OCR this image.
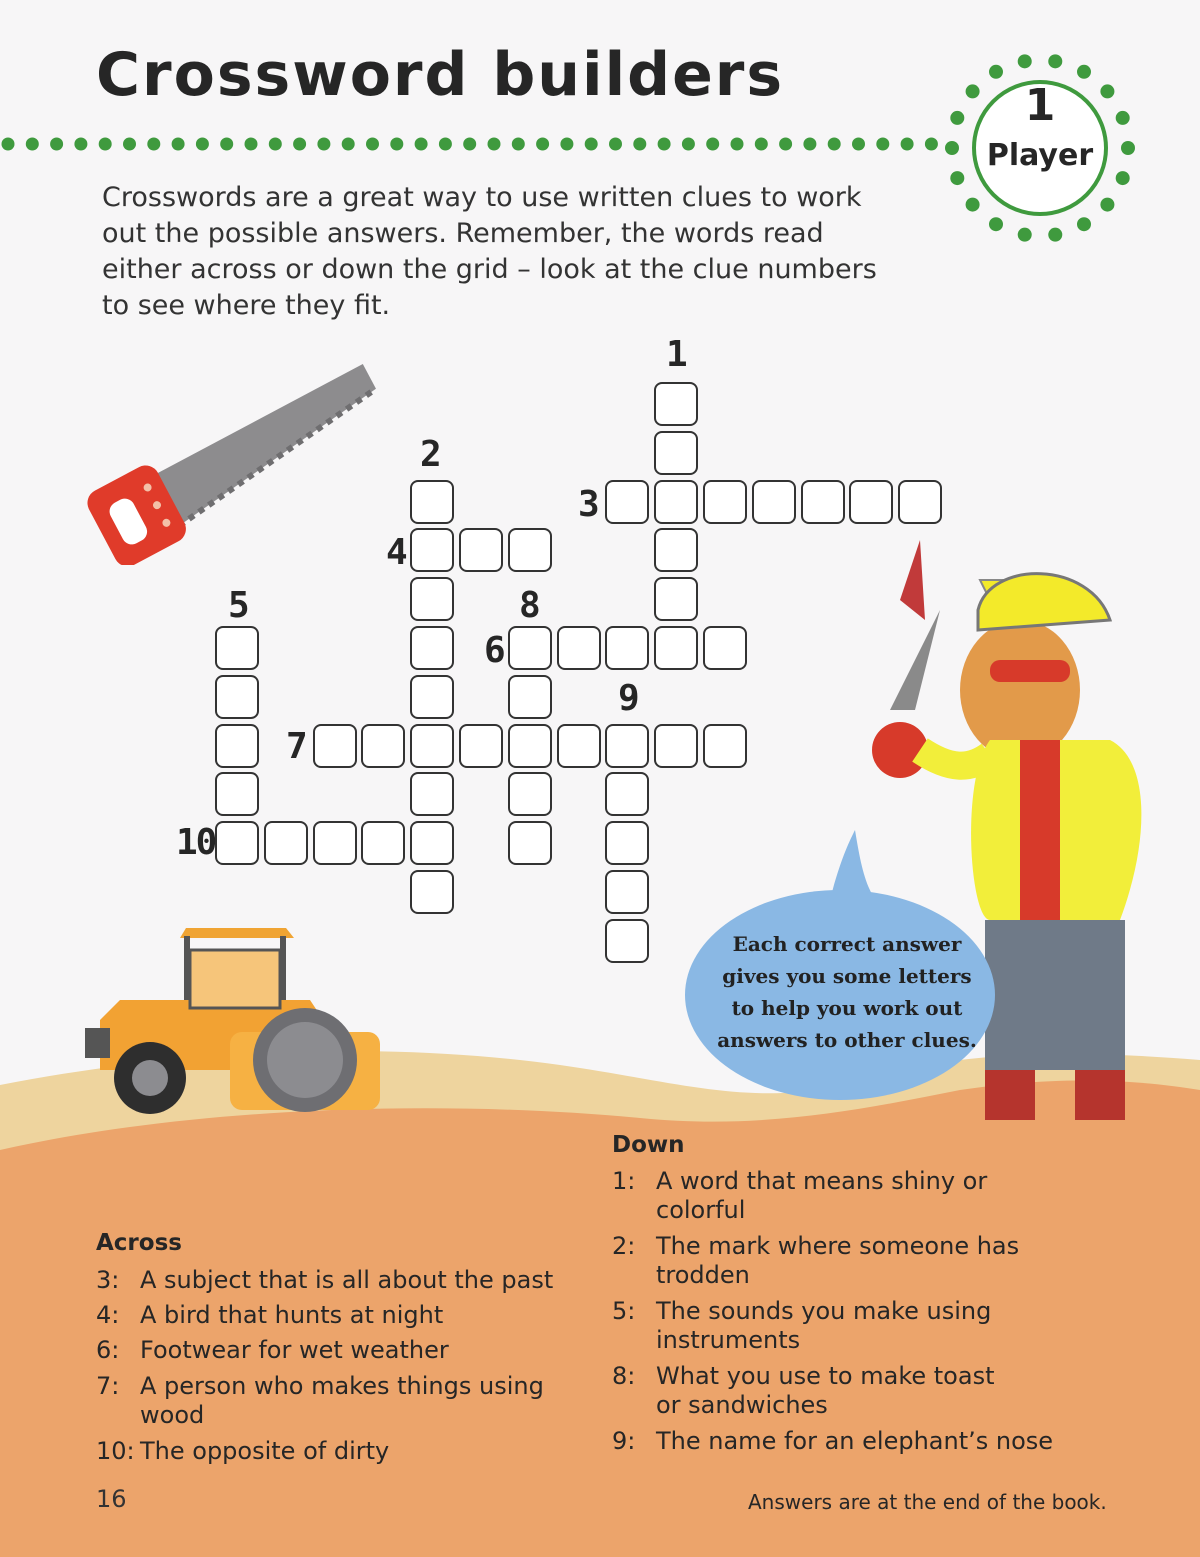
Crossword builders	1
Player

Crosswords are a great way to use written clues to work out the possible answers. Remember, the words read either across or down the grid – look at the clue numbers to see where they fit.

Each correct answer gives you some letters to help you work out answers to other clues.
1
2
3
4
5
6
7
8
9
10
Across
3: A subject that is all about the past
4: A bird that hunts at night
6: Footwear for wet weather
7: A person who makes things using wood
10: The opposite of dirty
Down
1: A word that means shiny or colorful
2: The mark where someone has trodden
5: The sounds you make using instruments
8: What you use to make toast or sandwiches
9: The name for an elephant’s nose
16	Answers are at the end of the book.
